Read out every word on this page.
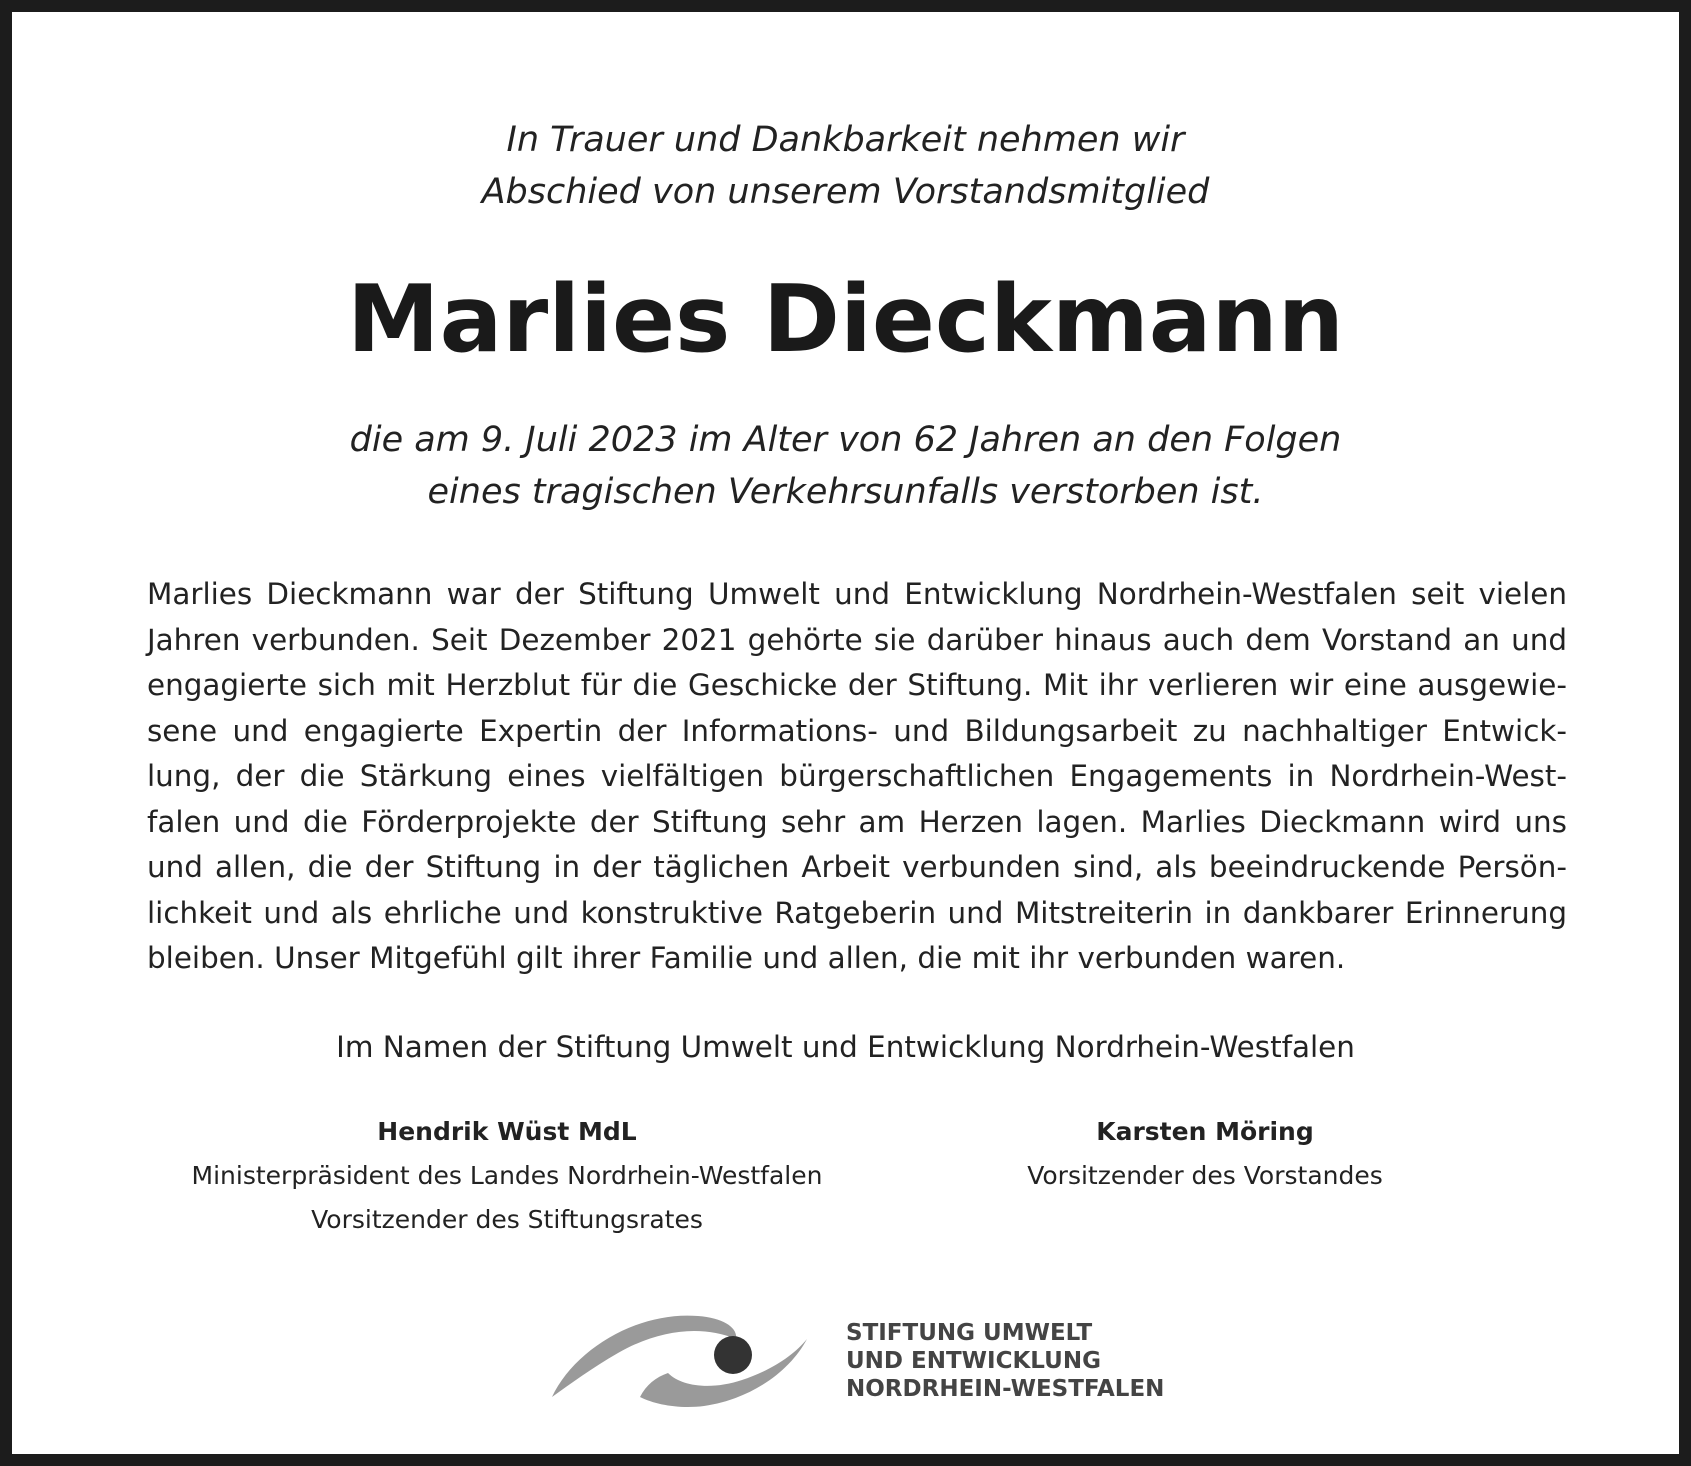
In Trauer und Dankbarkeit nehmen wir
Abschied von unserem Vorstandsmitglied
Marlies Dieckmann
die am 9. Juli 2023 im Alter von 62 Jahren an den Folgen
eines tragischen Verkehrsunfalls verstorben ist.
Marlies Dieckmann war der Stiftung Umwelt und Entwicklung Nordrhein-Westfalen seit vielen
Jahren verbunden. Seit Dezember 2021 gehörte sie darüber hinaus auch dem Vorstand an und
engagierte sich mit Herzblut für die Geschicke der Stiftung. Mit ihr verlieren wir eine ausgewie-
sene und engagierte Expertin der Informations- und Bildungsarbeit zu nachhaltiger Entwick-
lung, der die Stärkung eines vielfältigen bürgerschaftlichen Engagements in Nordrhein-West-
falen und die Förderprojekte der Stiftung sehr am Herzen lagen. Marlies Dieckmann wird uns
und allen, die der Stiftung in der täglichen Arbeit verbunden sind, als beeindruckende Persön-
lichkeit und als ehrliche und konstruktive Ratgeberin und Mitstreiterin in dankbarer Erinnerung
bleiben. Unser Mitgefühl gilt ihrer Familie und allen, die mit ihr verbunden waren.
Im Namen der Stiftung Umwelt und Entwicklung Nordrhein-Westfalen
Hendrik Wüst MdL
Ministerpräsident des Landes Nordrhein-Westfalen
Vorsitzender des Stiftungsrates
Karsten Möring
Vorsitzender des Vorstandes
STIFTUNG UMWELT
UND ENTWICKLUNG
NORDRHEIN-WESTFALEN
